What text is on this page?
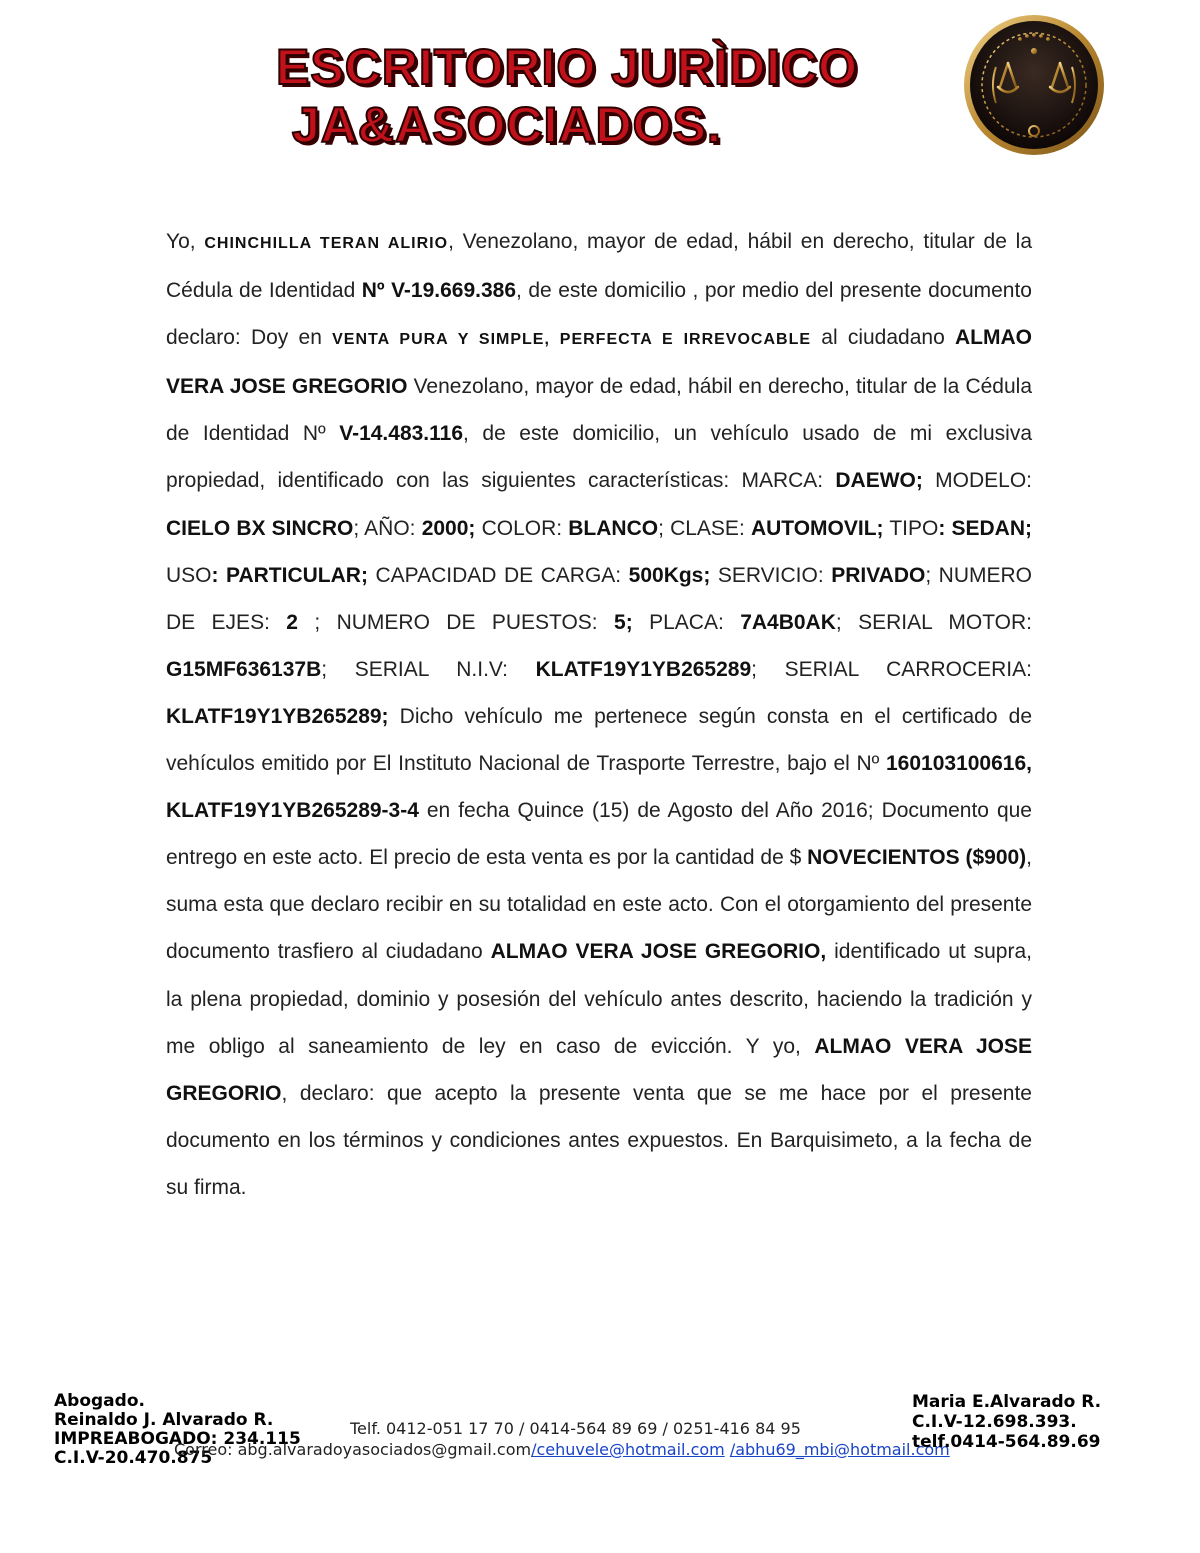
ESCRITORIO JURÌDICO
JA&ASOCIADOS.

Yo, CHINCHILLA TERAN ALIRIO, Venezolano, mayor de edad, hábil en derecho, titular de la Cédula de Identidad Nº V-19.669.386, de este domicilio , por medio del presente documento declaro: Doy en VENTA PURA Y SIMPLE, PERFECTA E IRREVOCABLE al ciudadano ALMAO VERA JOSE GREGORIO Venezolano, mayor de edad, hábil en derecho, titular de la Cédula de Identidad Nº V-14.483.116, de este domicilio, un vehículo usado de mi exclusiva propiedad, identificado con las siguientes características: MARCA: DAEWO; MODELO: CIELO BX SINCRO; AÑO: 2000; COLOR: BLANCO; CLASE: AUTOMOVIL; TIPO: SEDAN; USO: PARTICULAR; CAPACIDAD DE CARGA: 500Kgs; SERVICIO: PRIVADO; NUMERO DE EJES: 2 ; NUMERO DE PUESTOS: 5; PLACA: 7A4B0AK; SERIAL MOTOR: G15MF636137B; SERIAL N.I.V: KLATF19Y1YB265289; SERIAL CARROCERIA: KLATF19Y1YB265289; Dicho vehículo me pertenece según consta en el certificado de vehículos emitido por El Instituto Nacional de Trasporte Terrestre, bajo el Nº 160103100616, KLATF19Y1YB265289-3-4 en fecha Quince (15) de Agosto del Año 2016; Documento que entrego en este acto. El precio de esta venta es por la cantidad de $ NOVECIENTOS ($900), suma esta que declaro recibir en su totalidad en este acto. Con el otorgamiento del presente documento trasfiero al ciudadano ALMAO VERA JOSE GREGORIO, identificado ut supra, la plena propiedad, dominio y posesión del vehículo antes descrito, haciendo la tradición y me obligo al saneamiento de ley en caso de evicción. Y yo, ALMAO VERA JOSE GREGORIO, declaro: que acepto la presente venta que se me hace por el presente documento en los términos y condiciones antes expuestos. En Barquisimeto, a la fecha de su firma.

Abogado.
Reinaldo J. Alvarado R.
IMPREABOGADO: 234.115
C.I.V-20.470.875
Telf. 0412-051 17 70 / 0414-564 89 69 / 0251-416 84 95
Correo: abg.alvaradoyasociados@gmail.com/cehuvele@hotmail.com /abhu69_mbi@hotmail.com
Maria E.Alvarado R.
C.I.V-12.698.393.
telf.0414-564.89.69
